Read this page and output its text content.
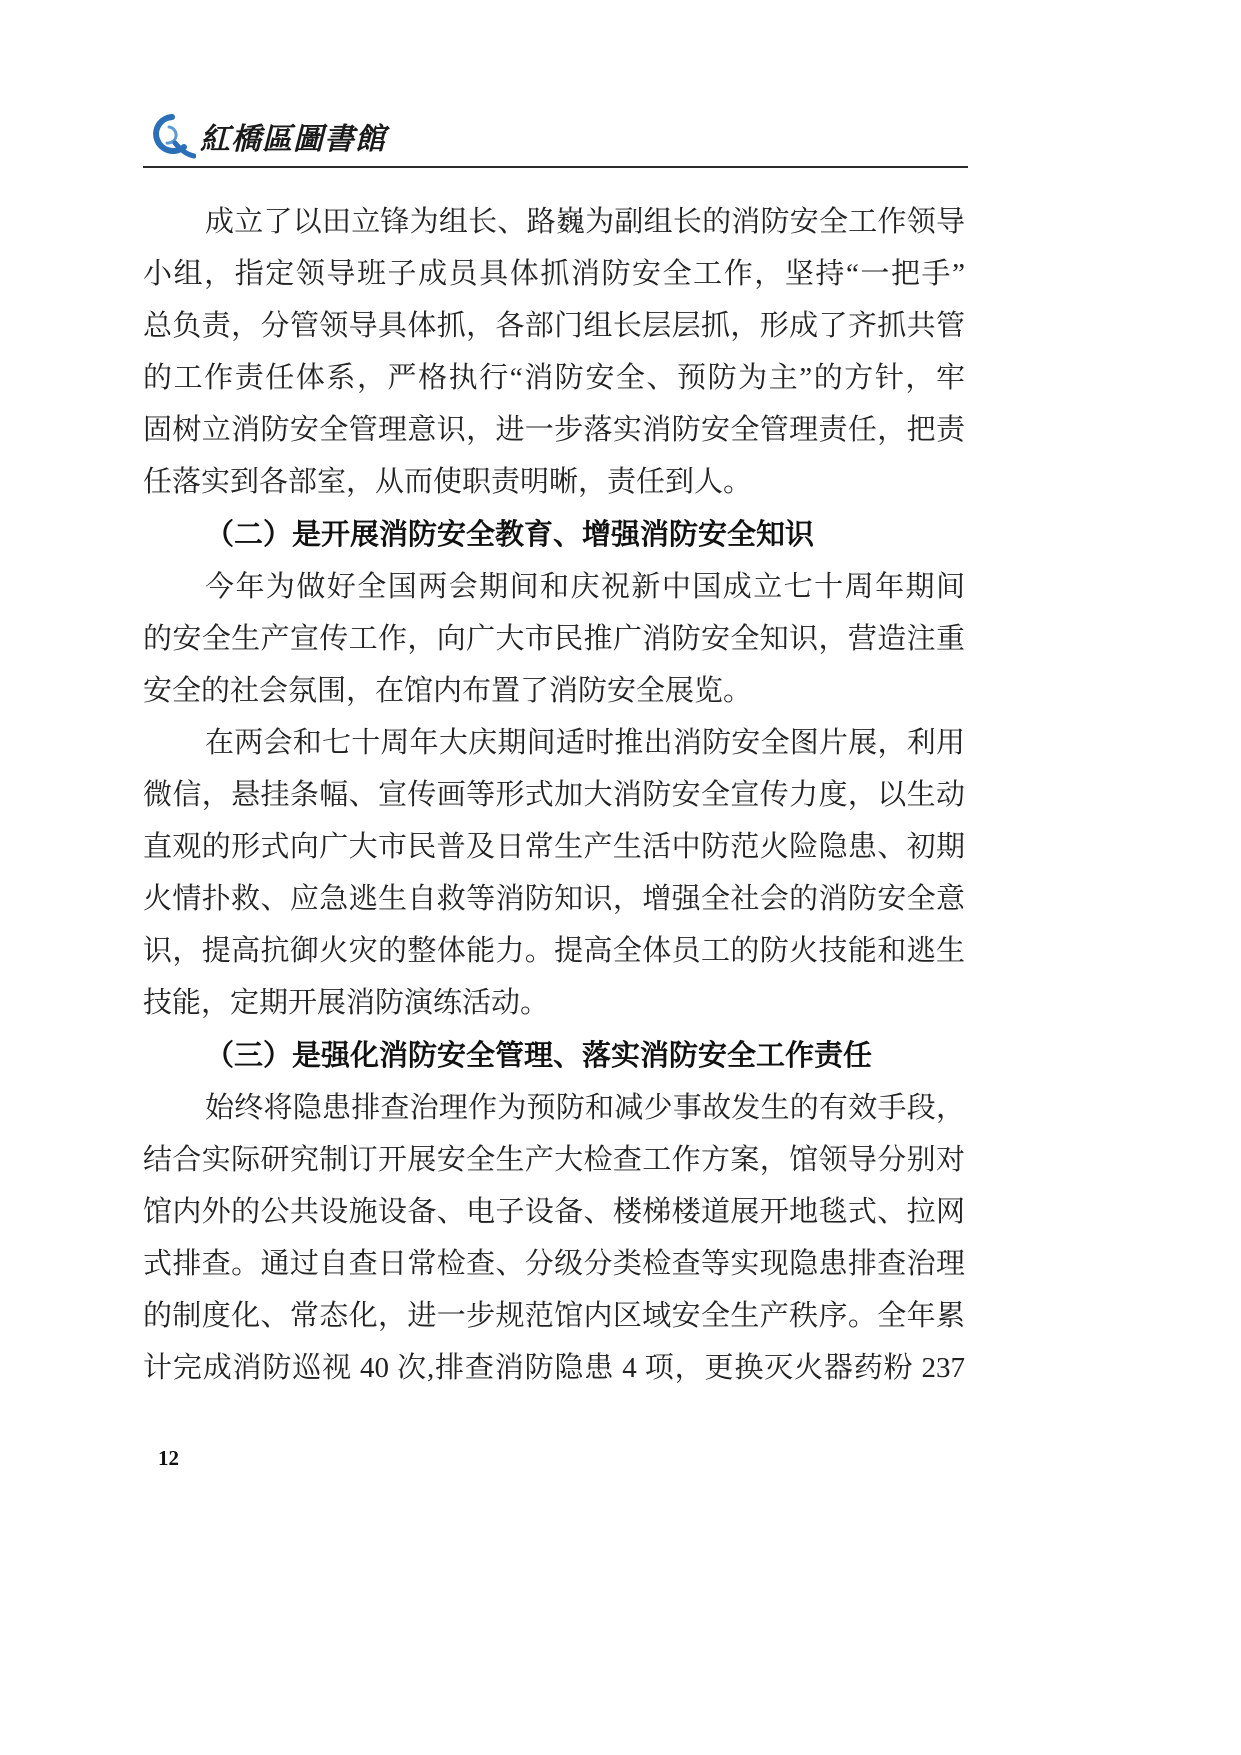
紅橋區圖書館
成立了以田立锋为组长、路巍为副组长的消防安全工作领导
小组，指定领导班子成员具体抓消防安全工作，坚持“一把手”
总负责，分管领导具体抓，各部门组长层层抓，形成了齐抓共管
的工作责任体系，严格执行“消防安全、预防为主”的方针，牢
固树立消防安全管理意识，进一步落实消防安全管理责任，把责
任落实到各部室，从而使职责明晰，责任到人。
（二）是开展消防安全教育、增强消防安全知识
今年为做好全国两会期间和庆祝新中国成立七十周年期间
的安全生产宣传工作，向广大市民推广消防安全知识，营造注重
安全的社会氛围，在馆内布置了消防安全展览。
在两会和七十周年大庆期间适时推出消防安全图片展，利用
微信，悬挂条幅、宣传画等形式加大消防安全宣传力度，以生动
直观的形式向广大市民普及日常生产生活中防范火险隐患、初期
火情扑救、应急逃生自救等消防知识，增强全社会的消防安全意
识，提高抗御火灾的整体能力。提高全体员工的防火技能和逃生
技能，定期开展消防演练活动。
（三）是强化消防安全管理、落实消防安全工作责任
始终将隐患排查治理作为预防和减少事故发生的有效手段，
结合实际研究制订开展安全生产大检查工作方案，馆领导分别对
馆内外的公共设施设备、电子设备、楼梯楼道展开地毯式、拉网
式排查。通过自查日常检查、分级分类检查等实现隐患排查治理
的制度化、常态化，进一步规范馆内区域安全生产秩序。全年累
计完成消防巡视 40 次,排查消防隐患 4 项，更换灭火器药粉 237
12
